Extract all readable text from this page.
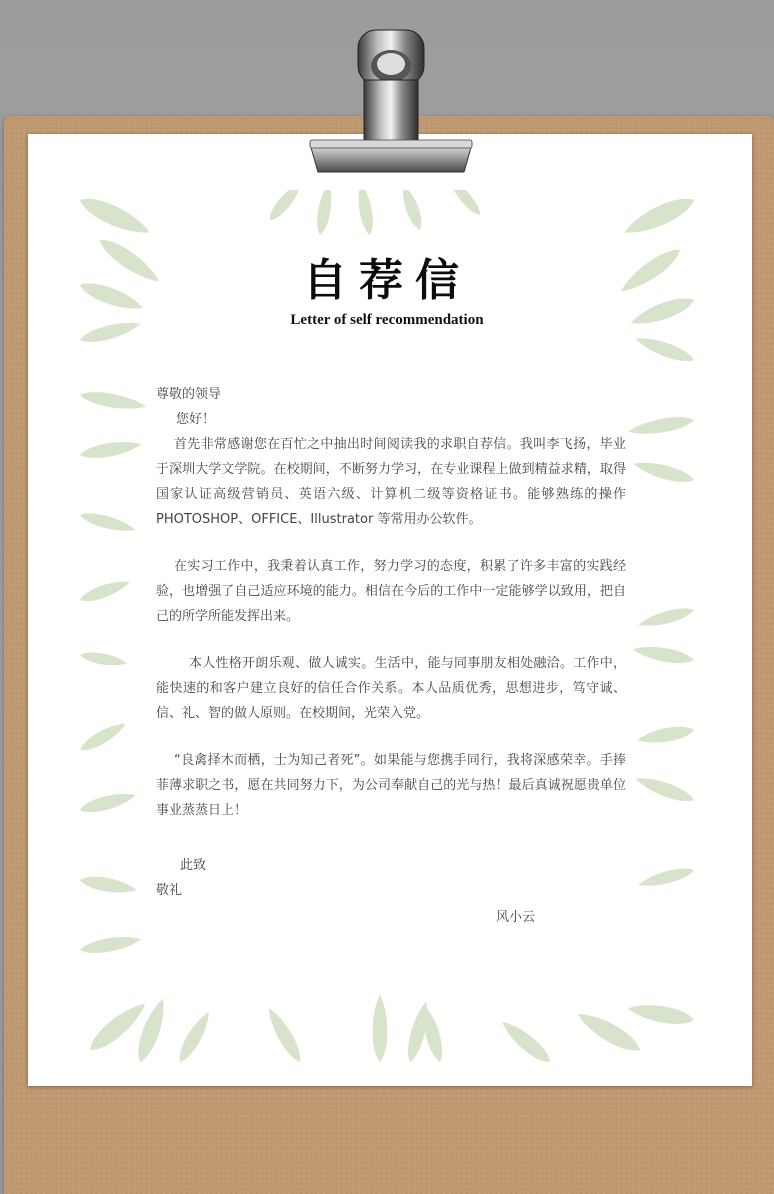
自荐信
Letter of self recommendation

尊敬的领导

您好！

首先非常感谢您在百忙之中抽出时间阅读我的求职自荐信。我叫李飞扬，毕业于深圳大学文学院。在校期间，不断努力学习，在专业课程上做到精益求精，取得国家认证高级营销员、英语六级、计算机二级等资格证书。能够熟练的操作 PHOTOSHOP、OFFICE、Illustrator 等常用办公软件。

在实习工作中，我秉着认真工作，努力学习的态度，积累了许多丰富的实践经验，也增强了自己适应环境的能力。相信在今后的工作中一定能够学以致用，把自己的所学所能发挥出来。

本人性格开朗乐观、做人诚实。生活中，能与同事朋友相处融洽。工作中，能快速的和客户建立良好的信任合作关系。本人品质优秀，思想进步，笃守诚、信、礼、智的做人原则。在校期间，光荣入党。

“良禽择木而栖，士为知己者死”。如果能与您携手同行，我将深感荣幸。手捧菲薄求职之书，愿在共同努力下，为公司奉献自己的光与热！最后真诚祝愿贵单位事业蒸蒸日上！

此致

敬礼

风小云
